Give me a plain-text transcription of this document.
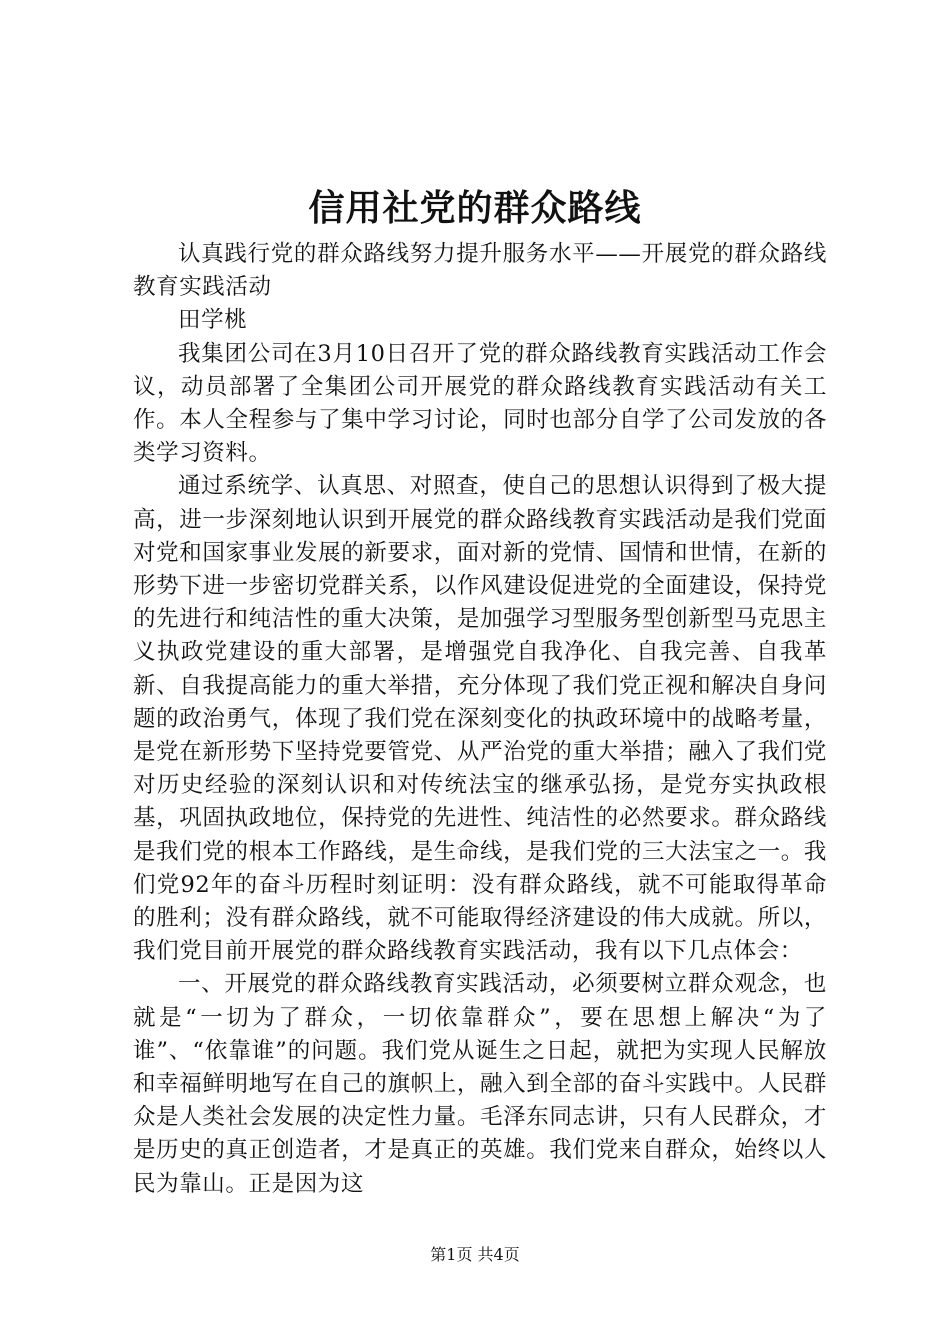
信用社党的群众路线

认真践行党的群众路线努力提升服务水平——开展党的群众路线教育实践活动

田学桃

我集团公司在3月10日召开了党的群众路线教育实践活动工作会议，动员部署了全集团公司开展党的群众路线教育实践活动有关工作。本人全程参与了集中学习讨论，同时也部分自学了公司发放的各类学习资料。

通过系统学、认真思、对照查，使自己的思想认识得到了极大提高，进一步深刻地认识到开展党的群众路线教育实践活动是我们党面对党和国家事业发展的新要求，面对新的党情、国情和世情，在新的形势下进一步密切党群关系，以作风建设促进党的全面建设，保持党的先进行和纯洁性的重大决策，是加强学习型服务型创新型马克思主义执政党建设的重大部署，是增强党自我净化、自我完善、自我革新、自我提高能力的重大举措，充分体现了我们党正视和解决自身问题的政治勇气，体现了我们党在深刻变化的执政环境中的战略考量，是党在新形势下坚持党要管党、从严治党的重大举措；融入了我们党对历史经验的深刻认识和对传统法宝的继承弘扬，是党夯实执政根基，巩固执政地位，保持党的先进性、纯洁性的必然要求。群众路线是我们党的根本工作路线，是生命线，是我们党的三大法宝之一。我们党92年的奋斗历程时刻证明：没有群众路线，就不可能取得革命的胜利；没有群众路线，就不可能取得经济建设的伟大成就。所以，我们党目前开展党的群众路线教育实践活动，我有以下几点体会：

一、开展党的群众路线教育实践活动，必须要树立群众观念，也就是“一切为了群众，一切依靠群众”，要在思想上解决“为了谁”、“依靠谁”的问题。我们党从诞生之日起，就把为实现人民解放和幸福鲜明地写在自己的旗帜上，融入到全部的奋斗实践中。人民群众是人类社会发展的决定性力量。毛泽东同志讲，只有人民群众，才是历史的真正创造者，才是真正的英雄。我们党来自群众，始终以人民为靠山。正是因为这

第1页 共4页
